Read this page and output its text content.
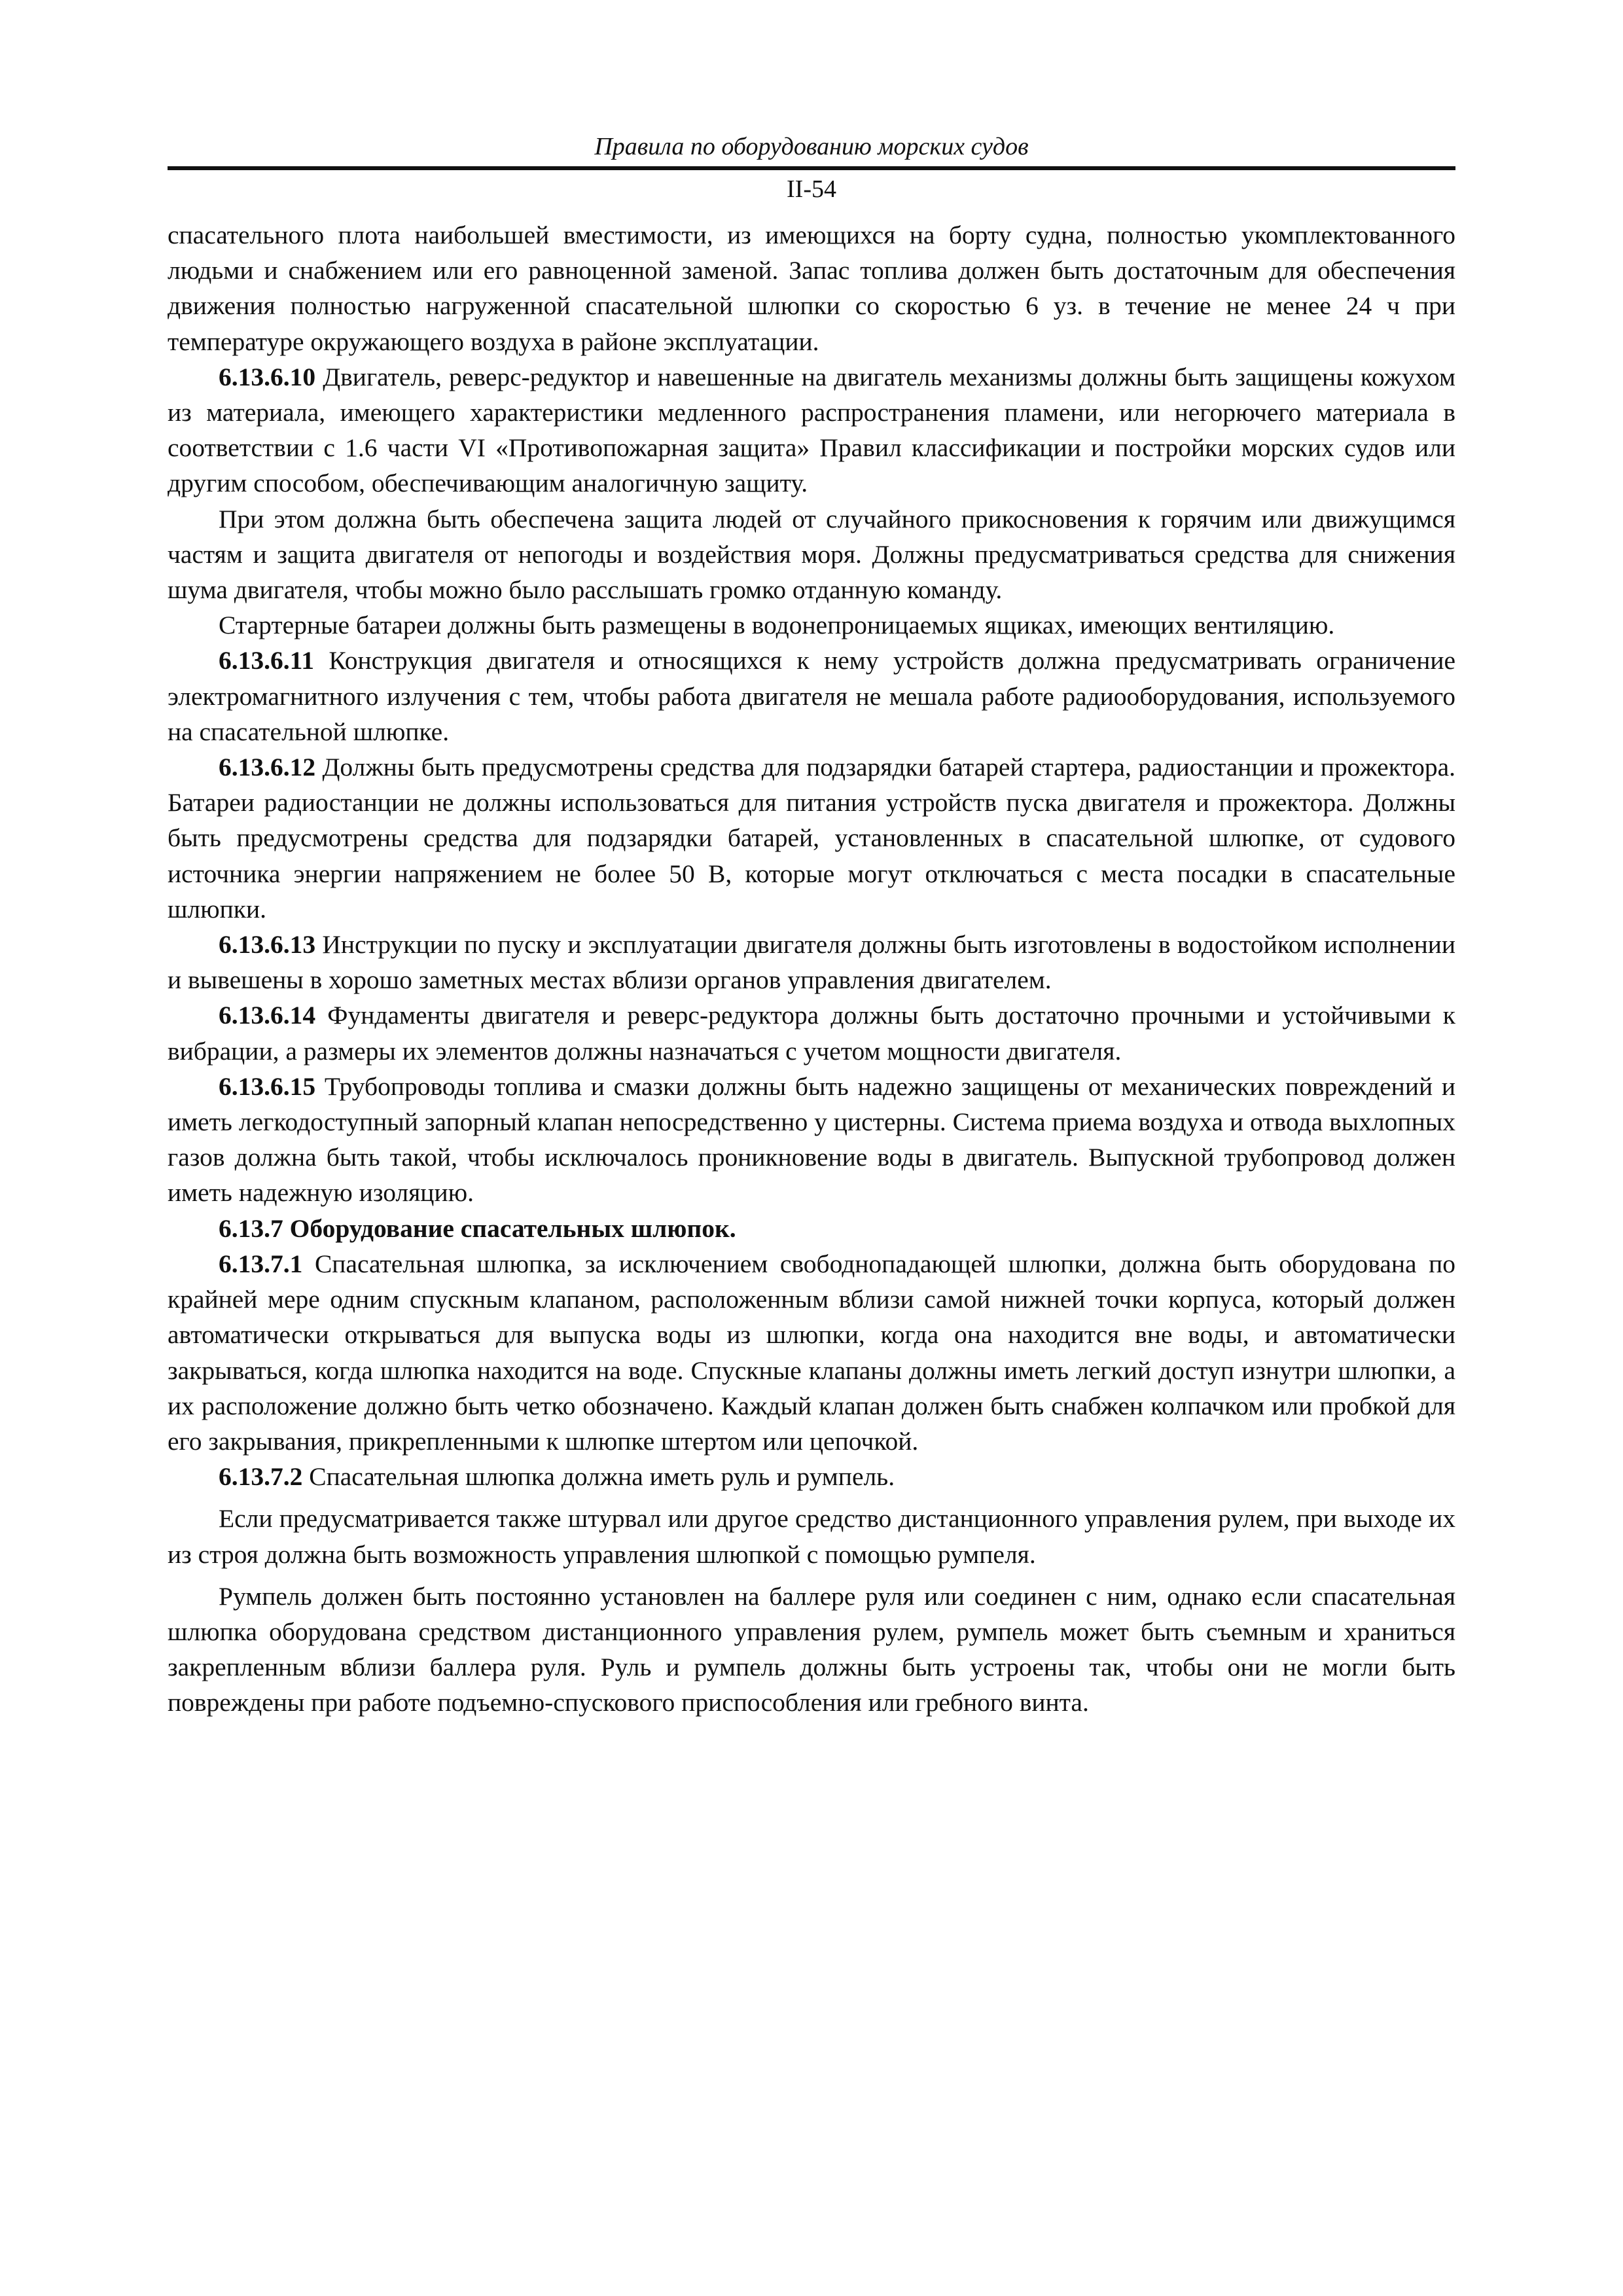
Правила по оборудованию морских судов
II-54

спасательного плота наибольшей вместимости, из имеющихся на борту судна, полностью укомплектованного людьми и снабжением или его равноценной заменой. Запас топлива должен быть достаточным для обеспечения движения полностью нагруженной спасательной шлюпки со скоростью 6 уз. в течение не менее 24 ч при температуре окружающего воздуха в районе эксплуатации.

6.13.6.10 Двигатель, реверс-редуктор и навешенные на двигатель механизмы должны быть защищены кожухом из материала, имеющего характеристики медленного распространения пламени, или негорючего материала в соответствии с 1.6 части VI «Противопожарная защита» Правил классификации и постройки морских судов или другим способом, обеспечивающим аналогичную защиту.

При этом должна быть обеспечена защита людей от случайного прикосновения к горячим или движущимся частям и защита двигателя от непогоды и воздействия моря. Должны предусматриваться средства для снижения шума двигателя, чтобы можно было расслышать громко отданную команду.

Стартерные батареи должны быть размещены в водонепроницаемых ящиках, имеющих вентиляцию.

6.13.6.11 Конструкция двигателя и относящихся к нему устройств должна предусматривать ограничение электромагнитного излучения с тем, чтобы работа двигателя не мешала работе радиооборудования, используемого на спасательной шлюпке.

6.13.6.12 Должны быть предусмотрены средства для подзарядки батарей стартера, радиостанции и прожектора. Батареи радиостанции не должны использоваться для питания устройств пуска двигателя и прожектора. Должны быть предусмотрены средства для подзарядки батарей, установленных в спасательной шлюпке, от судового источника энергии напряжением не более 50 В, которые могут отключаться с места посадки в спасательные шлюпки.

6.13.6.13 Инструкции по пуску и эксплуатации двигателя должны быть изготовлены в водостойком исполнении и вывешены в хорошо заметных местах вблизи органов управления двигателем.

6.13.6.14 Фундаменты двигателя и реверс-редуктора должны быть достаточно прочными и устойчивыми к вибрации, а размеры их элементов должны назначаться с учетом мощности двигателя.

6.13.6.15 Трубопроводы топлива и смазки должны быть надежно защищены от механических повреждений и иметь легкодоступный запорный клапан непосредственно у цистерны. Система приема воздуха и отвода выхлопных газов должна быть такой, чтобы исключалось проникновение воды в двигатель. Выпускной трубопровод должен иметь надежную изоляцию.

6.13.7 Оборудование спасательных шлюпок.

6.13.7.1 Спасательная шлюпка, за исключением свободнопадающей шлюпки, должна быть оборудована по крайней мере одним спускным клапаном, расположенным вблизи самой нижней точки корпуса, который должен автоматически открываться для выпуска воды из шлюпки, когда она находится вне воды, и автоматически закрываться, когда шлюпка находится на воде. Спускные клапаны должны иметь легкий доступ изнутри шлюпки, а их расположение должно быть четко обозначено. Каждый клапан должен быть снабжен колпачком или пробкой для его закрывания, прикрепленными к шлюпке штертом или цепочкой.

6.13.7.2 Спасательная шлюпка должна иметь руль и румпель.

Если предусматривается также штурвал или другое средство дистанционного управления рулем, при выходе их из строя должна быть возможность управления шлюпкой с помощью румпеля.

Румпель должен быть постоянно установлен на баллере руля или соединен с ним, однако если спасательная шлюпка оборудована средством дистанционного управления рулем, румпель может быть съемным и храниться закрепленным вблизи баллера руля. Руль и румпель должны быть устроены так, чтобы они не могли быть повреждены при работе подъемно-спускового приспособления или гребного винта.
